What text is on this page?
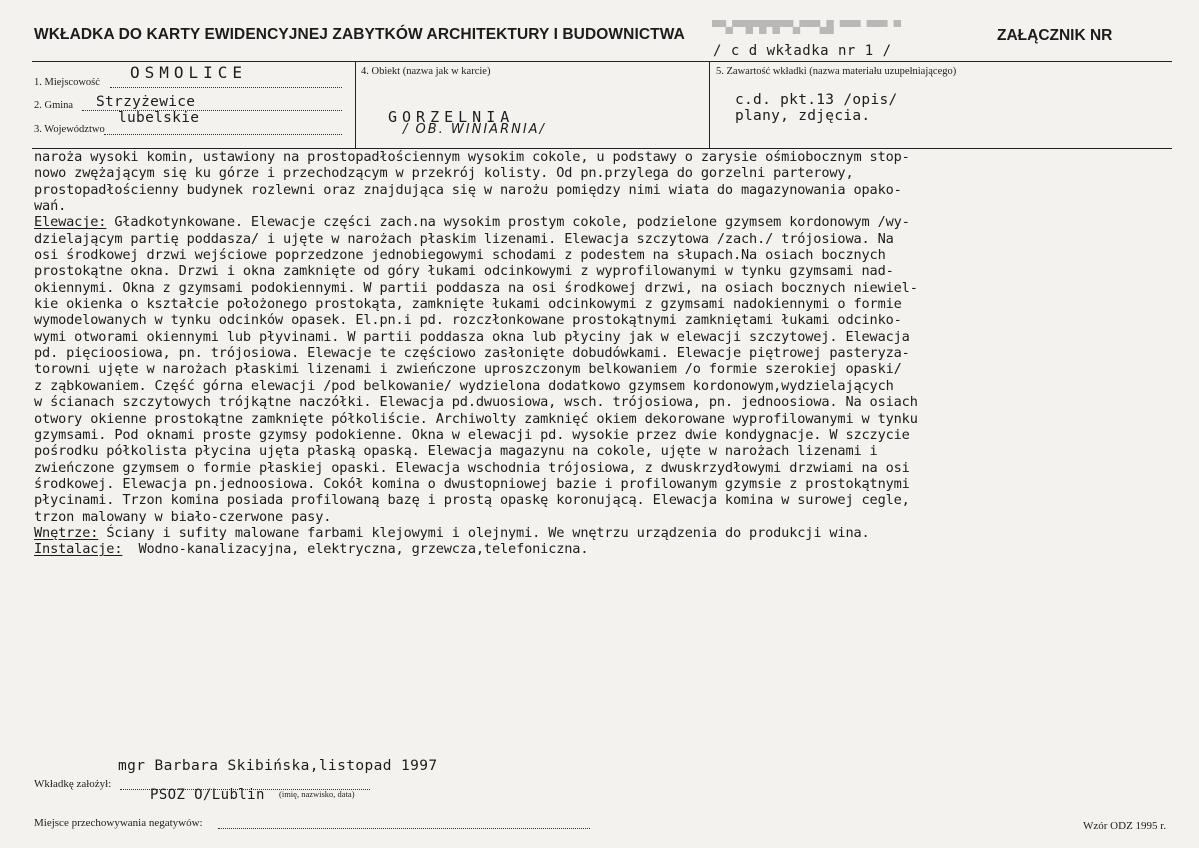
WKŁADKA DO KARTY EWIDENCYJNEJ ZABYTKÓW ARCHITEKTURY I BUDOWNICTWA ▀▀▄▀▀█▀█▀█▀▀▄▀▀▀▄█ ▀▀▀ ▀▀▀ ▀	ZAŁĄCZNIK NR
/ c d wkładka nr 1 /
1. Miejscowość
OSMOLICE
2. Gmina Strzyżewice
lubelskie
3. Województwo
4. Obiekt (nazwa jak w karcie)
GORZELNIA
/ OB. WINIARNIA/
5. Zawartość wkładki (nazwa materiału uzupełniającego)
c.d. pkt.13 /opis/
plany, zdjęcia.
naroża wysoki komin, ustawiony na prostopadłościennym wysokim cokole, u podstawy o zarysie ośmiobocznym stop-
nowo zwężającym się ku górze i przechodzącym w przekrój kolisty. Od pn.przylega do gorzelni parterowy,
prostopadłościenny budynek rozlewni oraz znajdująca się w narożu pomiędzy nimi wiata do magazynowania opako-
wań.
Elewacje: Gładkotynkowane. Elewacje części zach.na wysokim prostym cokole, podzielone gzymsem kordonowym /wy-
dzielającym partię poddasza/ i ujęte w narożach płaskim lizenami. Elewacja szczytowa /zach./ trójosiowa. Na
osi środkowej drzwi wejściowe poprzedzone jednobiegowymi schodami z podestem na słupach.Na osiach bocznych
prostokątne okna. Drzwi i okna zamknięte od góry łukami odcinkowymi z wyprofilowanymi w tynku gzymsami nad-
okiennymi. Okna z gzymsami podokiennymi. W partii poddasza na osi środkowej drzwi, na osiach bocznych niewiel-
kie okienka o kształcie położonego prostokąta, zamknięte łukami odcinkowymi z gzymsami nadokiennymi o formie
wymodelowanych w tynku odcinków opasek. El.pn.i pd. rozczłonkowane prostokątnymi zamkniętami łukami odcinko-
wymi otworami okiennymi lub płyvinami. W partii poddasza okna lub płyciny jak w elewacji szczytowej. Elewacja
pd. pięcioosiowa, pn. trójosiowa. Elewacje te częściowo zasłonięte dobudówkami. Elewacje piętrowej pasteryza-
torowni ujęte w narożach płaskimi lizenami i zwieńczone uproszczonym belkowaniem /o formie szerokiej opaski/
z ząbkowaniem. Część górna elewacji /pod belkowanie/ wydzielona dodatkowo gzymsem kordonowym,wydzielających
w ścianach szczytowych trójkątne naczółki. Elewacja pd.dwuosiowa, wsch. trójosiowa, pn. jednoosiowa. Na osiach
otwory okienne prostokątne zamknięte półkoliście. Archiwolty zamknięć okiem dekorowane wyprofilowanymi w tynku
gzymsami. Pod oknami proste gzymsy podokienne. Okna w elewacji pd. wysokie przez dwie kondygnacje. W szczycie
pośrodku półkolista płycina ujęta płaską opaską. Elewacja magazynu na cokole, ujęte w narożach lizenami i
zwieńczone gzymsem o formie płaskiej opaski. Elewacja wschodnia trójosiowa, z dwuskrzydłowymi drzwiami na osi
środkowej. Elewacja pn.jednoosiowa. Cokół komina o dwustopniowej bazie i profilowanym gzymsie z prostokątnymi
płycinami. Trzon komina posiada profilowaną bazę i prostą opaskę koronującą. Elewacja komina w surowej cegle,
trzon malowany w biało-czerwone pasy.
Wnętrze: Ściany i sufity malowane farbami klejowymi i olejnymi. We wnętrzu urządzenia do produkcji wina.
Instalacje:  Wodno-kanalizacyjna, elektryczna, grzewcza,telefoniczna.
mgr Barbara Skibińska,listopad 1997
Wkładkę założył:
PSOZ O/Lublin (imię, nazwisko, data)
Miejsce przechowywania negatywów:	Wzór ODZ 1995 r.
